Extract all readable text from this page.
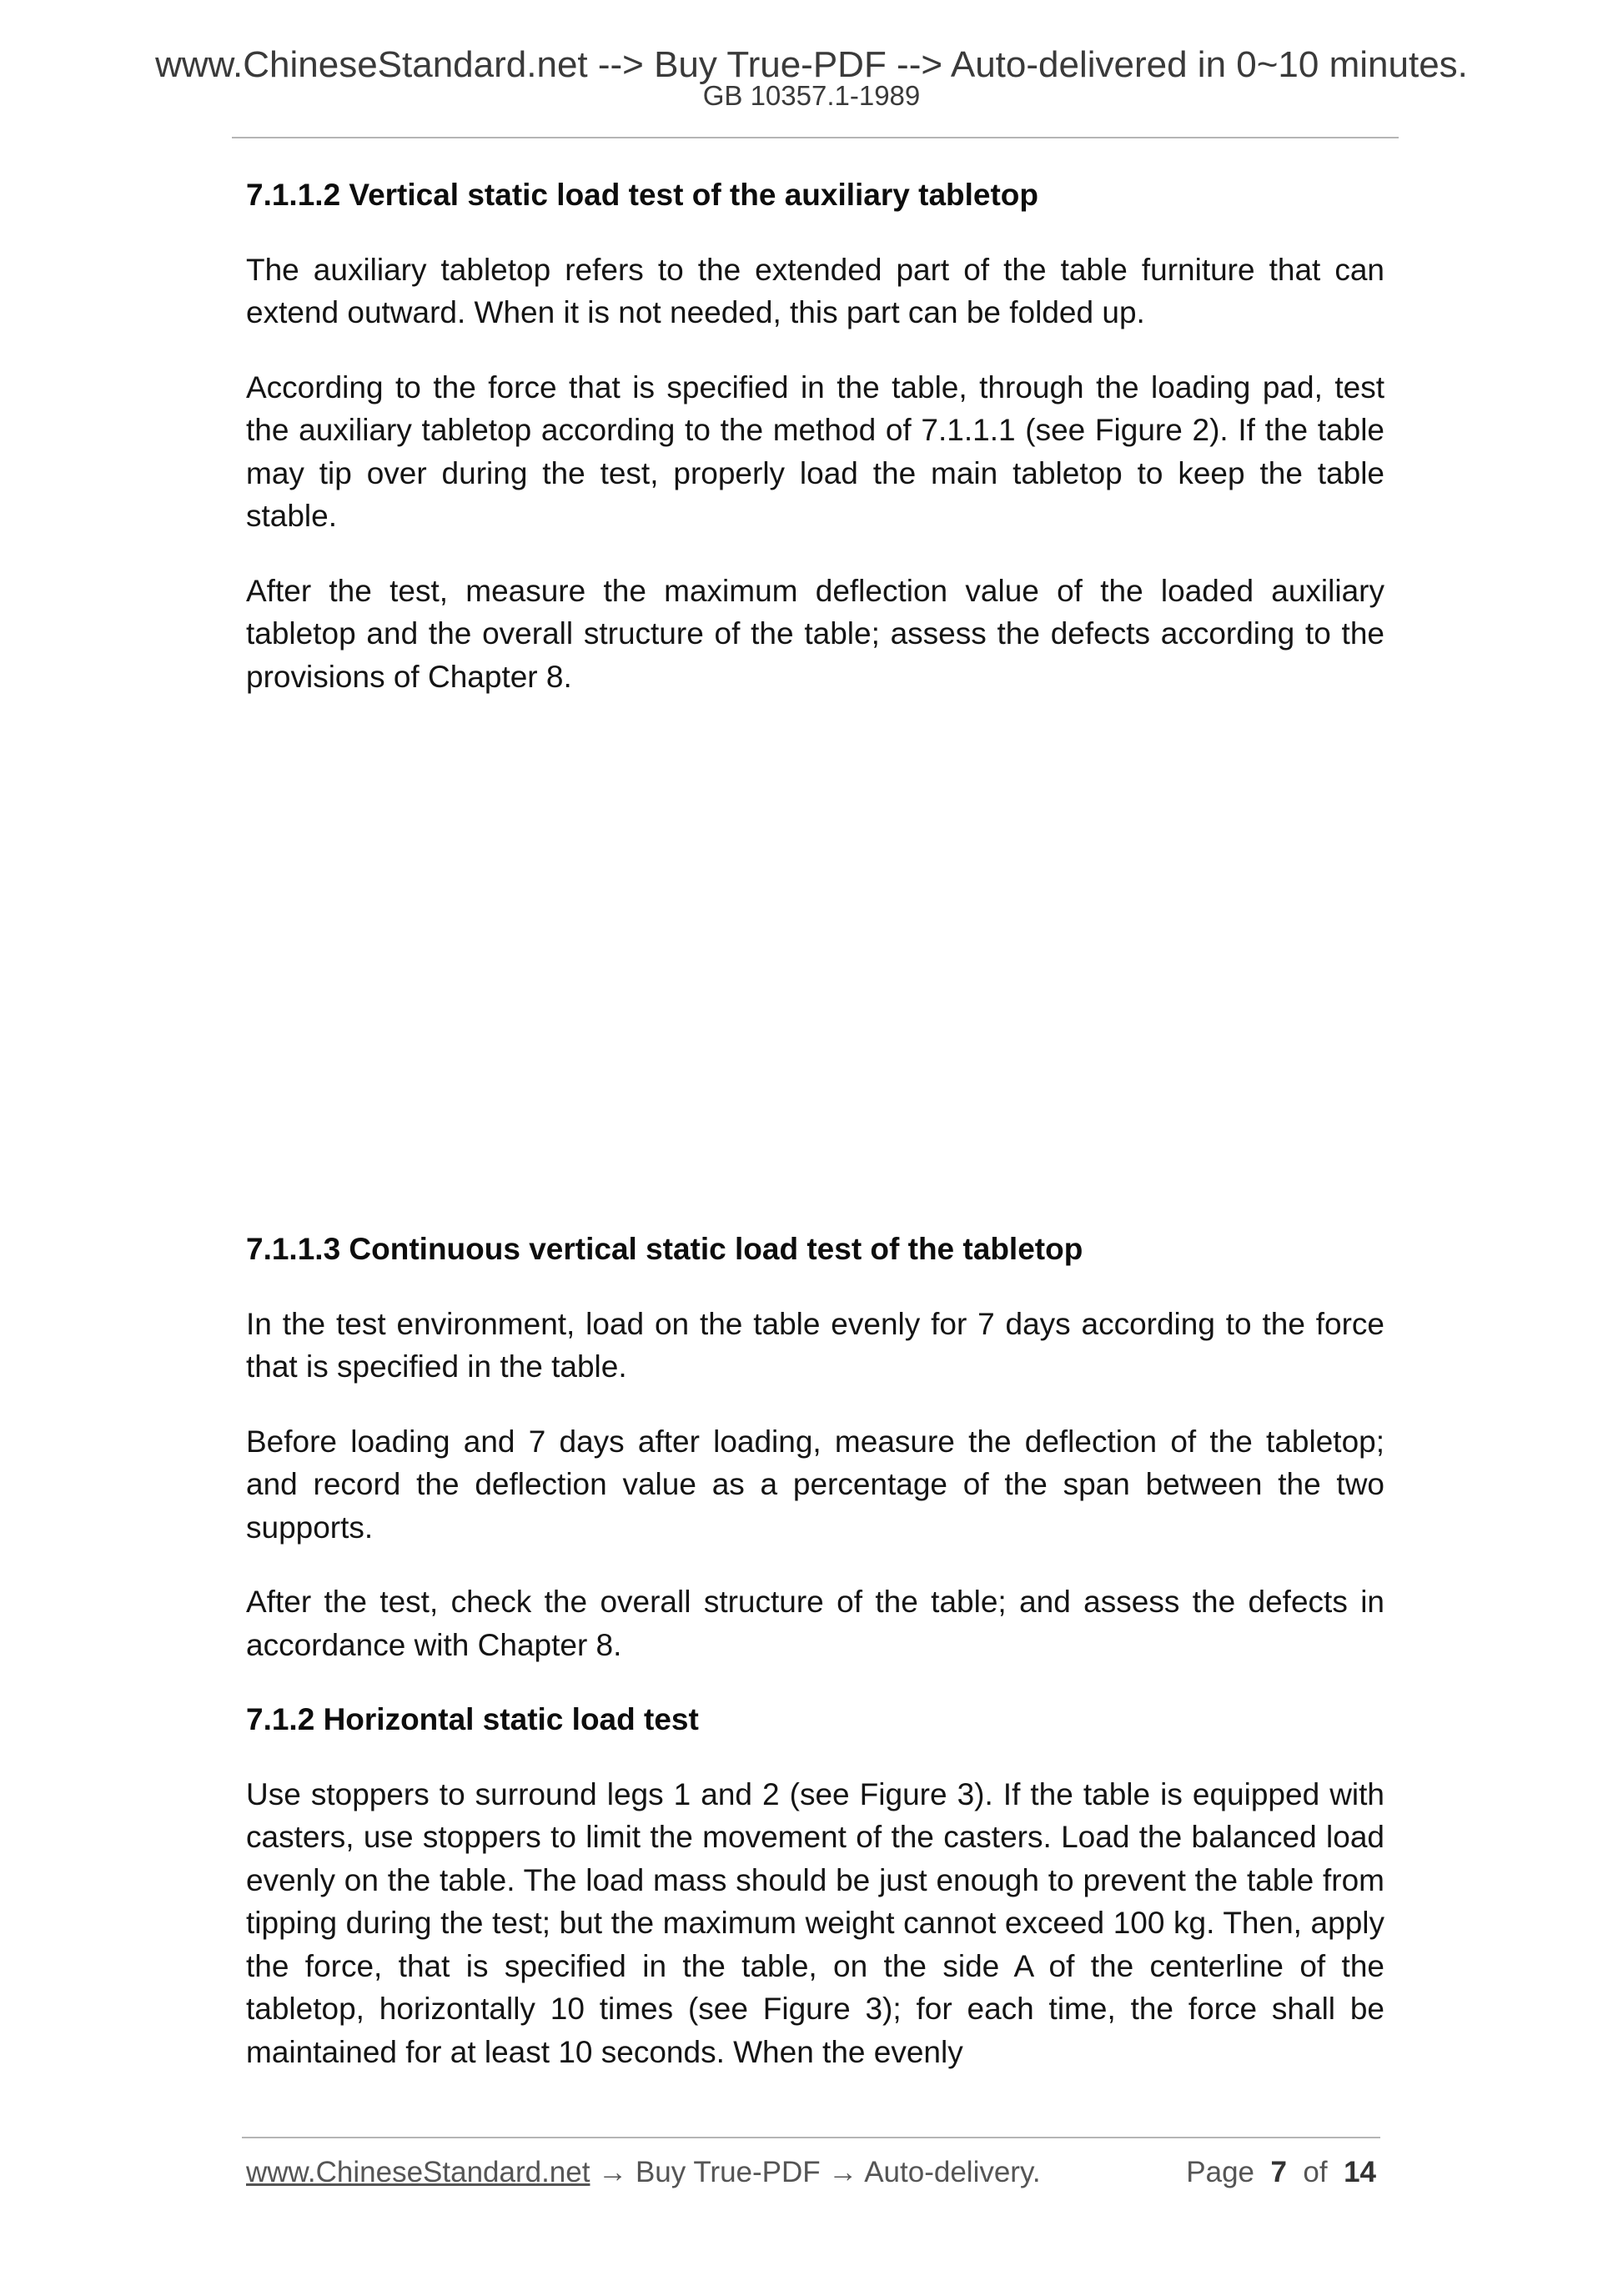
www.ChineseStandard.net --> Buy True-PDF --> Auto-delivered in 0~10 minutes.
GB 10357.1-1989
7.1.1.2 Vertical static load test of the auxiliary tabletop

The auxiliary tabletop refers to the extended part of the table furniture that can extend outward. When it is not needed, this part can be folded up.

According to the force that is specified in the table, through the loading pad, test the auxiliary tabletop according to the method of 7.1.1.1 (see Figure 2). If the table may tip over during the test, properly load the main tabletop to keep the table stable.

After the test, measure the maximum deflection value of the loaded auxiliary tabletop and the overall structure of the table; assess the defects according to the provisions of Chapter 8.

7.1.1.3 Continuous vertical static load test of the tabletop

In the test environment, load on the table evenly for 7 days according to the force that is specified in the table.

Before loading and 7 days after loading, measure the deflection of the tabletop; and record the deflection value as a percentage of the span between the two supports.

After the test, check the overall structure of the table; and assess the defects in accordance with Chapter 8.

7.1.2 Horizontal static load test

Use stoppers to surround legs 1 and 2 (see Figure 3). If the table is equipped with casters, use stoppers to limit the movement of the casters. Load the balanced load evenly on the table. The load mass should be just enough to prevent the table from tipping during the test; but the maximum weight cannot exceed 100 kg. Then, apply the force, that is specified in the table, on the side A of the centerline of the tabletop, horizontally 10 times (see Figure 3); for each time, the force shall be maintained for at least 10 seconds. When the evenly

www.ChineseStandard.net → Buy True-PDF → Auto-delivery.	Page 7 of 14
